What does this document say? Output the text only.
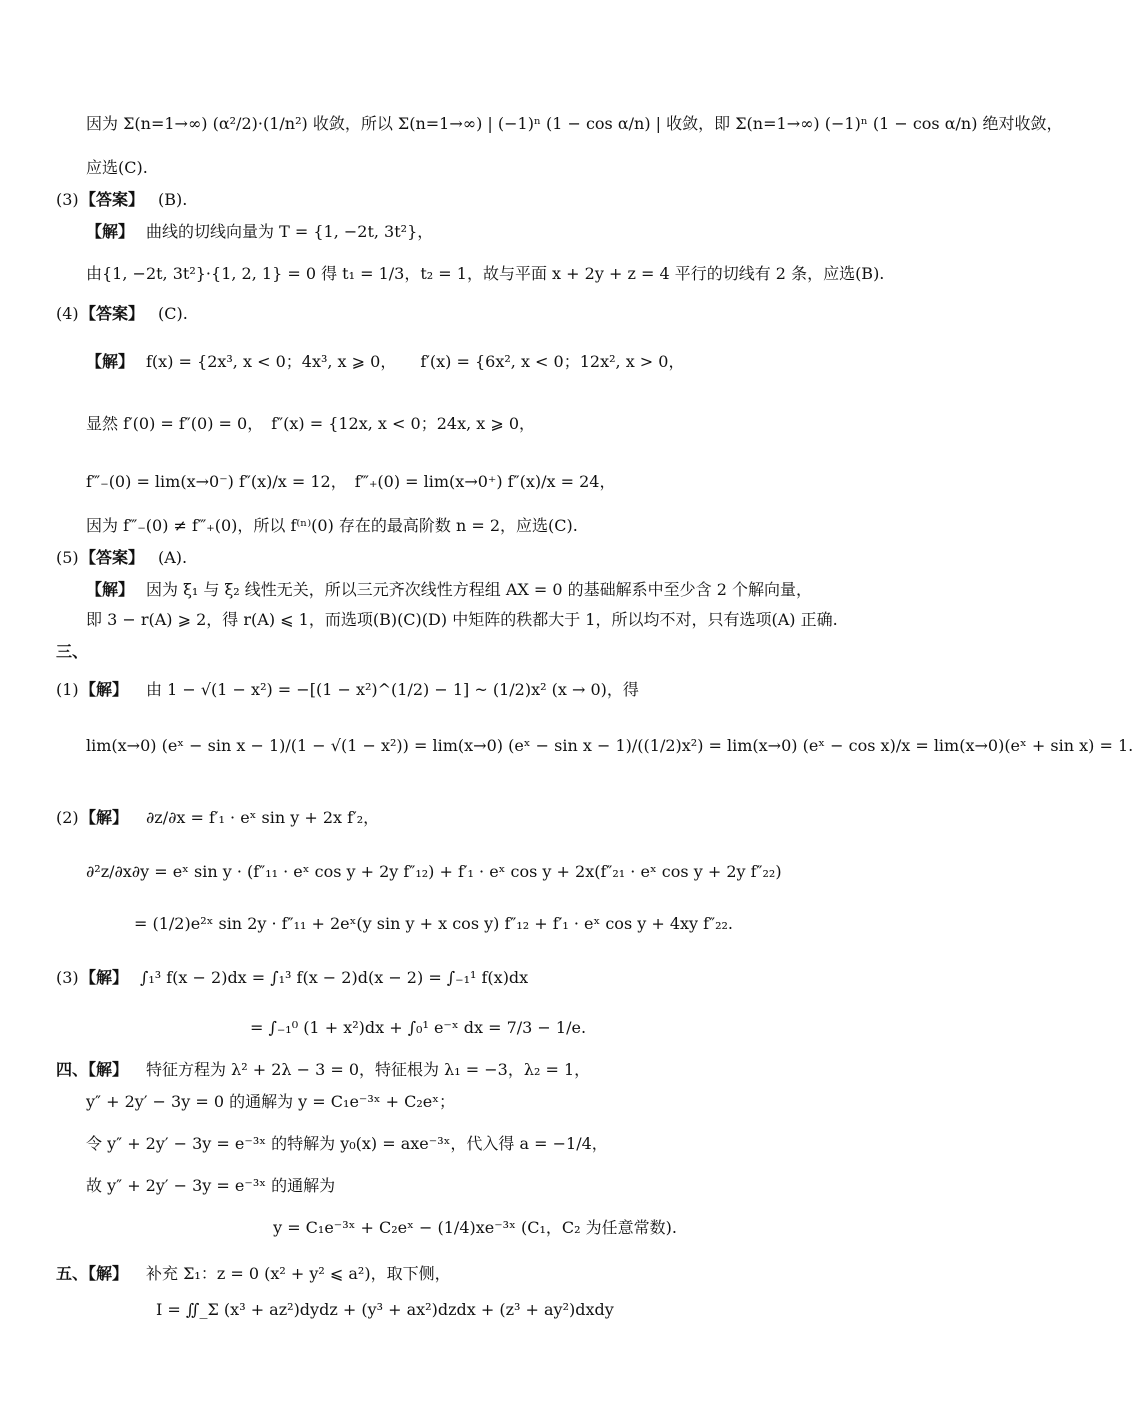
因为 Σ(n=1→∞) (α²/2)·(1/n²) 收敛，所以 Σ(n=1→∞) | (−1)ⁿ (1 − cos α/n) | 收敛，即 Σ(n=1→∞) (−1)ⁿ (1 − cos α/n) 绝对收敛，
应选(C).
(3) 【答案】 (B).
【解】 曲线的切线向量为 T = {1, −2t, 3t²}，
由{1, −2t, 3t²}·{1, 2, 1} = 0 得 t₁ = 1/3，t₂ = 1，故与平面 x + 2y + z = 4 平行的切线有 2 条，应选(B).
(4) 【答案】 (C).
【解】 f(x) = {2x³, x < 0；4x³, x ⩾ 0，　　f′(x) = {6x², x < 0；12x², x > 0，
显然 f′(0) = f″(0) = 0，　f″(x) = {12x, x < 0；24x, x ⩾ 0，
f‴₋(0) = lim(x→0⁻) f″(x)/x = 12，　f‴₊(0) = lim(x→0⁺) f″(x)/x = 24，
因为 f‴₋(0) ≠ f‴₊(0)，所以 f⁽ⁿ⁾(0) 存在的最高阶数 n = 2，应选(C).
(5) 【答案】 (A).
【解】 因为 ξ₁ 与 ξ₂ 线性无关，所以三元齐次线性方程组 AX = 0 的基础解系中至少含 2 个解向量，
即 3 − r(A) ⩾ 2，得 r(A) ⩽ 1，而选项(B)(C)(D) 中矩阵的秩都大于 1，所以均不对，只有选项(A) 正确.
三、
(1) 【解】 由 1 − √(1 − x²) = −[(1 − x²)^(1/2) − 1] ~ (1/2)x² (x → 0)，得
lim(x→0) (eˣ − sin x − 1)/(1 − √(1 − x²)) = lim(x→0) (eˣ − sin x − 1)/((1/2)x²) = lim(x→0) (eˣ − cos x)/x = lim(x→0)(eˣ + sin x) = 1.
(2) 【解】 ∂z/∂x = f′₁ · eˣ sin y + 2x f′₂，
∂²z/∂x∂y = eˣ sin y · (f″₁₁ · eˣ cos y + 2y f″₁₂) + f′₁ · eˣ cos y + 2x(f″₂₁ · eˣ cos y + 2y f″₂₂)
= (1/2)e²ˣ sin 2y · f″₁₁ + 2eˣ(y sin y + x cos y) f″₁₂ + f′₁ · eˣ cos y + 4xy f″₂₂.
(3) 【解】 ∫₁³ f(x − 2)dx = ∫₁³ f(x − 2)d(x − 2) = ∫₋₁¹ f(x)dx
= ∫₋₁⁰ (1 + x²)dx + ∫₀¹ e⁻ˣ dx = 7/3 − 1/e.
四、【解】 特征方程为 λ² + 2λ − 3 = 0，特征根为 λ₁ = −3，λ₂ = 1，
y″ + 2y′ − 3y = 0 的通解为 y = C₁e⁻³ˣ + C₂eˣ；
令 y″ + 2y′ − 3y = e⁻³ˣ 的特解为 y₀(x) = axe⁻³ˣ，代入得 a = −1/4，
故 y″ + 2y′ − 3y = e⁻³ˣ 的通解为
y = C₁e⁻³ˣ + C₂eˣ − (1/4)xe⁻³ˣ (C₁，C₂ 为任意常数).
五、【解】 补充 Σ₁：z = 0 (x² + y² ⩽ a²)，取下侧，
I = ∬_Σ (x³ + az²)dydz + (y³ + ax²)dzdx + (z³ + ay²)dxdy
